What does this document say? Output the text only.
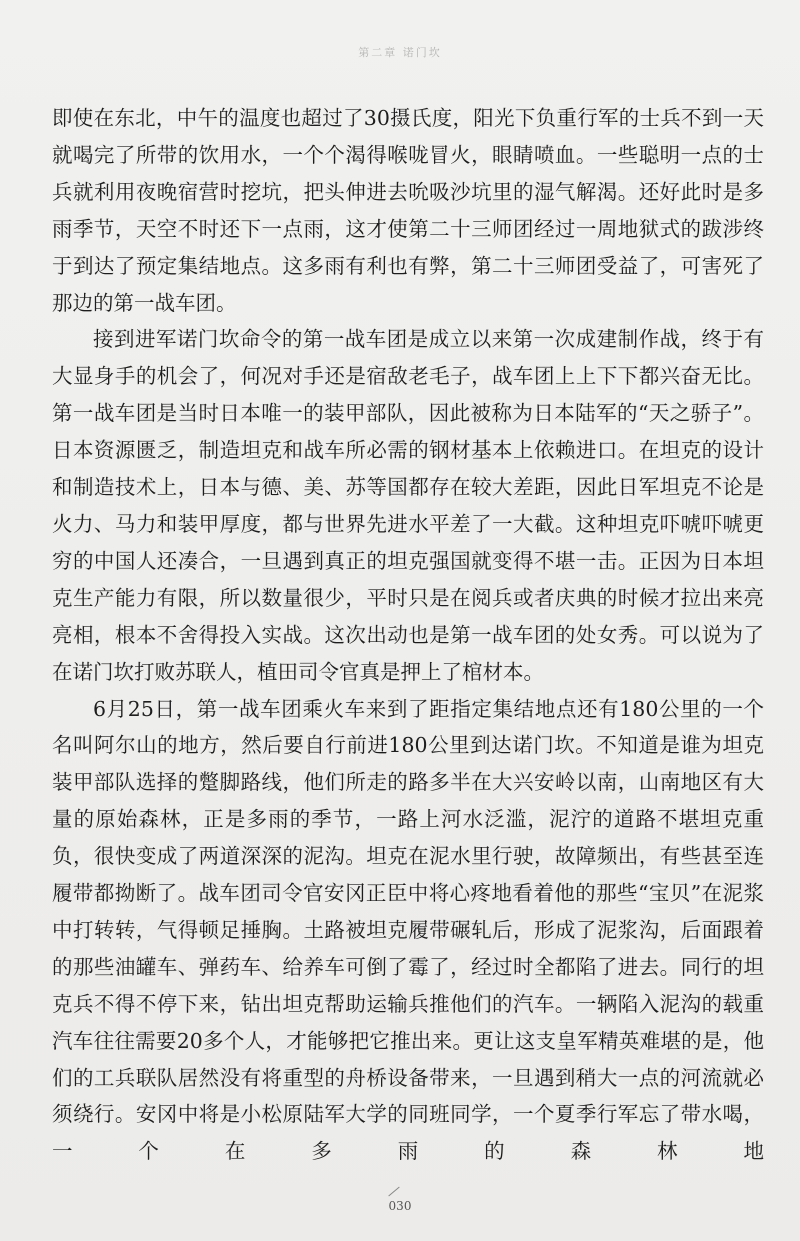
第二章 诺门坎

即使在东北，中午的温度也超过了30摄氏度，阳光下负重行军的士兵不到一天就喝完了所带的饮用水，一个个渴得喉咙冒火，眼睛喷血。一些聪明一点的士兵就利用夜晚宿营时挖坑，把头伸进去吮吸沙坑里的湿气解渴。还好此时是多雨季节，天空不时还下一点雨，这才使第二十三师团经过一周地狱式的跋涉终于到达了预定集结地点。这多雨有利也有弊，第二十三师团受益了，可害死了那边的第一战车团。

接到进军诺门坎命令的第一战车团是成立以来第一次成建制作战，终于有大显身手的机会了，何况对手还是宿敌老毛子，战车团上上下下都兴奋无比。第一战车团是当时日本唯一的装甲部队，因此被称为日本陆军的“天之骄子”。日本资源匮乏，制造坦克和战车所必需的钢材基本上依赖进口。在坦克的设计和制造技术上，日本与德、美、苏等国都存在较大差距，因此日军坦克不论是火力、马力和装甲厚度，都与世界先进水平差了一大截。这种坦克吓唬吓唬更穷的中国人还凑合，一旦遇到真正的坦克强国就变得不堪一击。正因为日本坦克生产能力有限，所以数量很少，平时只是在阅兵或者庆典的时候才拉出来亮亮相，根本不舍得投入实战。这次出动也是第一战车团的处女秀。可以说为了在诺门坎打败苏联人，植田司令官真是押上了棺材本。

6月25日，第一战车团乘火车来到了距指定集结地点还有180公里的一个名叫阿尔山的地方，然后要自行前进180公里到达诺门坎。不知道是谁为坦克装甲部队选择的蹩脚路线，他们所走的路多半在大兴安岭以南，山南地区有大量的原始森林，正是多雨的季节，一路上河水泛滥，泥泞的道路不堪坦克重负，很快变成了两道深深的泥沟。坦克在泥水里行驶，故障频出，有些甚至连履带都拗断了。战车团司令官安冈正臣中将心疼地看着他的那些“宝贝”在泥浆中打转转，气得顿足捶胸。土路被坦克履带碾轧后，形成了泥浆沟，后面跟着的那些油罐车、弹药车、给养车可倒了霉了，经过时全都陷了进去。同行的坦克兵不得不停下来，钻出坦克帮助运输兵推他们的汽车。一辆陷入泥沟的载重汽车往往需要20多个人，才能够把它推出来。更让这支皇军精英难堪的是，他们的工兵联队居然没有将重型的舟桥设备带来，一旦遇到稍大一点的河流就必须绕行。安冈中将是小松原陆军大学的同班同学，一个夏季行军忘了带水喝，一个在多雨的森林地

030
